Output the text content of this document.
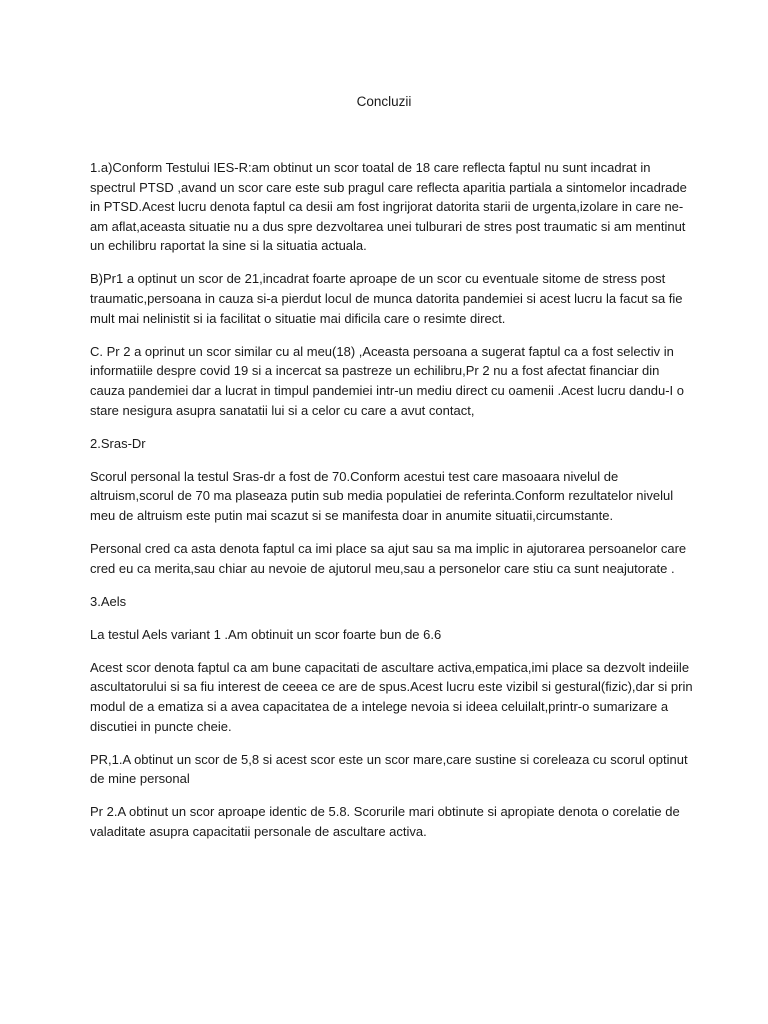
Concluzii
1.a)Conform Testului IES-R:am obtinut un scor toatal de 18 care reflecta faptul nu sunt incadrat in
spectrul PTSD ,avand un scor care este sub pragul care reflecta aparitia partiala a sintomelor incadrade
in PTSD.Acest lucru denota faptul ca desii am fost ingrijorat datorita starii de urgenta,izolare in care ne-
am aflat,aceasta situatie nu a dus spre dezvoltarea unei tulburari de stres post traumatic si am mentinut
un echilibru raportat la sine si la situatia actuala.
B)Pr1 a optinut un scor de 21,incadrat foarte aproape de un scor cu eventuale sitome de stress post
traumatic,persoana in cauza si-a pierdut locul de munca datorita pandemiei si acest lucru la facut sa fie
mult mai nelinistit si ia facilitat o situatie mai dificila care o resimte direct.
C. Pr 2 a oprinut un scor similar cu al meu(18) ,Aceasta persoana a sugerat faptul ca a fost selectiv in
informatiile despre covid 19 si a incercat sa pastreze un echilibru,Pr 2 nu a fost afectat financiar din
cauza pandemiei dar a lucrat in timpul pandemiei intr-un mediu direct cu oamenii .Acest lucru dandu-I o
stare nesigura asupra sanatatii lui si a celor cu care a avut contact,
2.Sras-Dr
Scorul personal la testul Sras-dr a fost de 70.Conform acestui test care masoaara nivelul de
altruism,scorul de 70 ma plaseaza putin sub media populatiei de referinta.Conform rezultatelor nivelul
meu de altruism este putin mai scazut si se manifesta doar in anumite situatii,circumstante.
Personal cred ca asta denota faptul ca imi place sa ajut sau sa ma implic in ajutorarea persoanelor care
cred eu ca merita,sau chiar au nevoie de ajutorul meu,sau a personelor care stiu ca sunt neajutorate .
3.Aels
La testul Aels variant 1 .Am obtinuit un scor foarte bun de 6.6
Acest scor denota faptul ca am bune capacitati de ascultare activa,empatica,imi place sa dezvolt indeiile
ascultatorului si sa fiu interest de ceeea ce are de spus.Acest lucru este vizibil si gestural(fizic),dar si prin
modul de a ematiza si a avea capacitatea de a intelege nevoia si ideea celuilalt,printr-o sumarizare a
discutiei in puncte cheie.
PR,1.A obtinut un scor de 5,8 si acest scor este un scor mare,care sustine si coreleaza cu scorul optinut
de mine personal
Pr 2.A obtinut un scor aproape identic de 5.8. Scorurile mari obtinute si apropiate denota o corelatie de
valaditate asupra capacitatii personale de ascultare activa.
